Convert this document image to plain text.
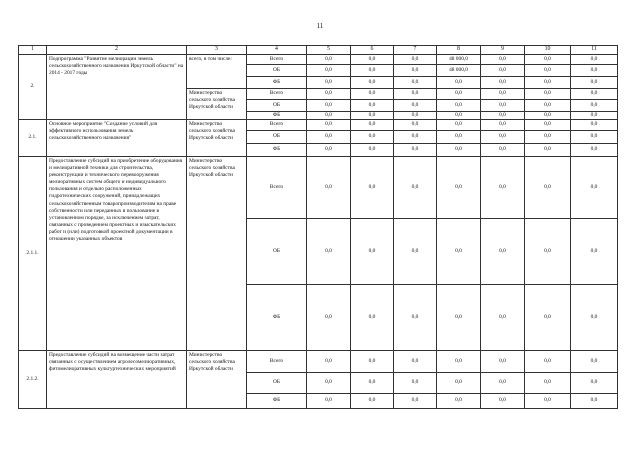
11
1	2	3	4	5	6	7	8	9	10	11
2.	Подпрограмма "Развитие мелиорации земель сельскохозяйственного назначения Иркутской области" на 2014 - 2017 годы	всего, в том числе:	Всего	0,0	0,0	0,0	48 000,0	0,0	0,0	0,0
			ОБ	0,0	0,0	0,0	48 000,0	0,0	0,0	0,0
			ФБ	0,0	0,0	0,0	0,0	0,0	0,0	0,0
		Министерство сельского хозяйства Иркутской области	Всего	0,0	0,0	0,0	0,0	0,0	0,0	0,0
			ОБ	0,0	0,0	0,0	0,0	0,0	0,0	0,0
			ФБ	0,0	0,0	0,0	0,0	0,0	0,0	0,0
2.1.	Основное мероприятие "Создание условий для эффективного использования земель сельскохозяйственного назначения"	Министерство сельского хозяйства Иркутской области	Всего	0,0	0,0	0,0	0,0	0,0	0,0	0,0
			ОБ	0,0	0,0	0,0	0,0	0,0	0,0	0,0
			ФБ	0,0	0,0	0,0	0,0	0,0	0,0	0,0
2.1.1.	Предоставление субсидий на приобретение оборудования и мелиоративной техники для строительства, реконструкции и технического перевооружения мелиоративных систем общего и индивидуального пользования и отдельно расположенных гидротехнических сооружений, принадлежащих сельскохозяйственным товаропроизводителям на праве собственности или переданных в пользование в установленном порядке, за исключением затрат, связанных с проведением проектных и изыскательских работ и (или) подготовкой проектной документации в отношении указанных объектов	Министерство сельского хозяйства Иркутской области	Всего	0,0	0,0	0,0	0,0	0,0	0,0	0,0
			ОБ	0,0	0,0	0,0	0,0	0,0	0,0	0,0
			ФБ	0,0	0,0	0,0	0,0	0,0	0,0	0,0
2.1.2.	Предоставление субсидий на возмещение части затрат связанных с осуществлением агролесомелиоративных, фитомелиоративных культуртехнических мероприятий	Министерство сельского хозяйства Иркутской области	Всего	0,0	0,0	0,0	0,0	0,0	0,0	0,0
			ОБ	0,0	0,0	0,0	0,0	0,0	0,0	0,0
			ФБ	0,0	0,0	0,0	0,0	0,0	0,0	0,0
